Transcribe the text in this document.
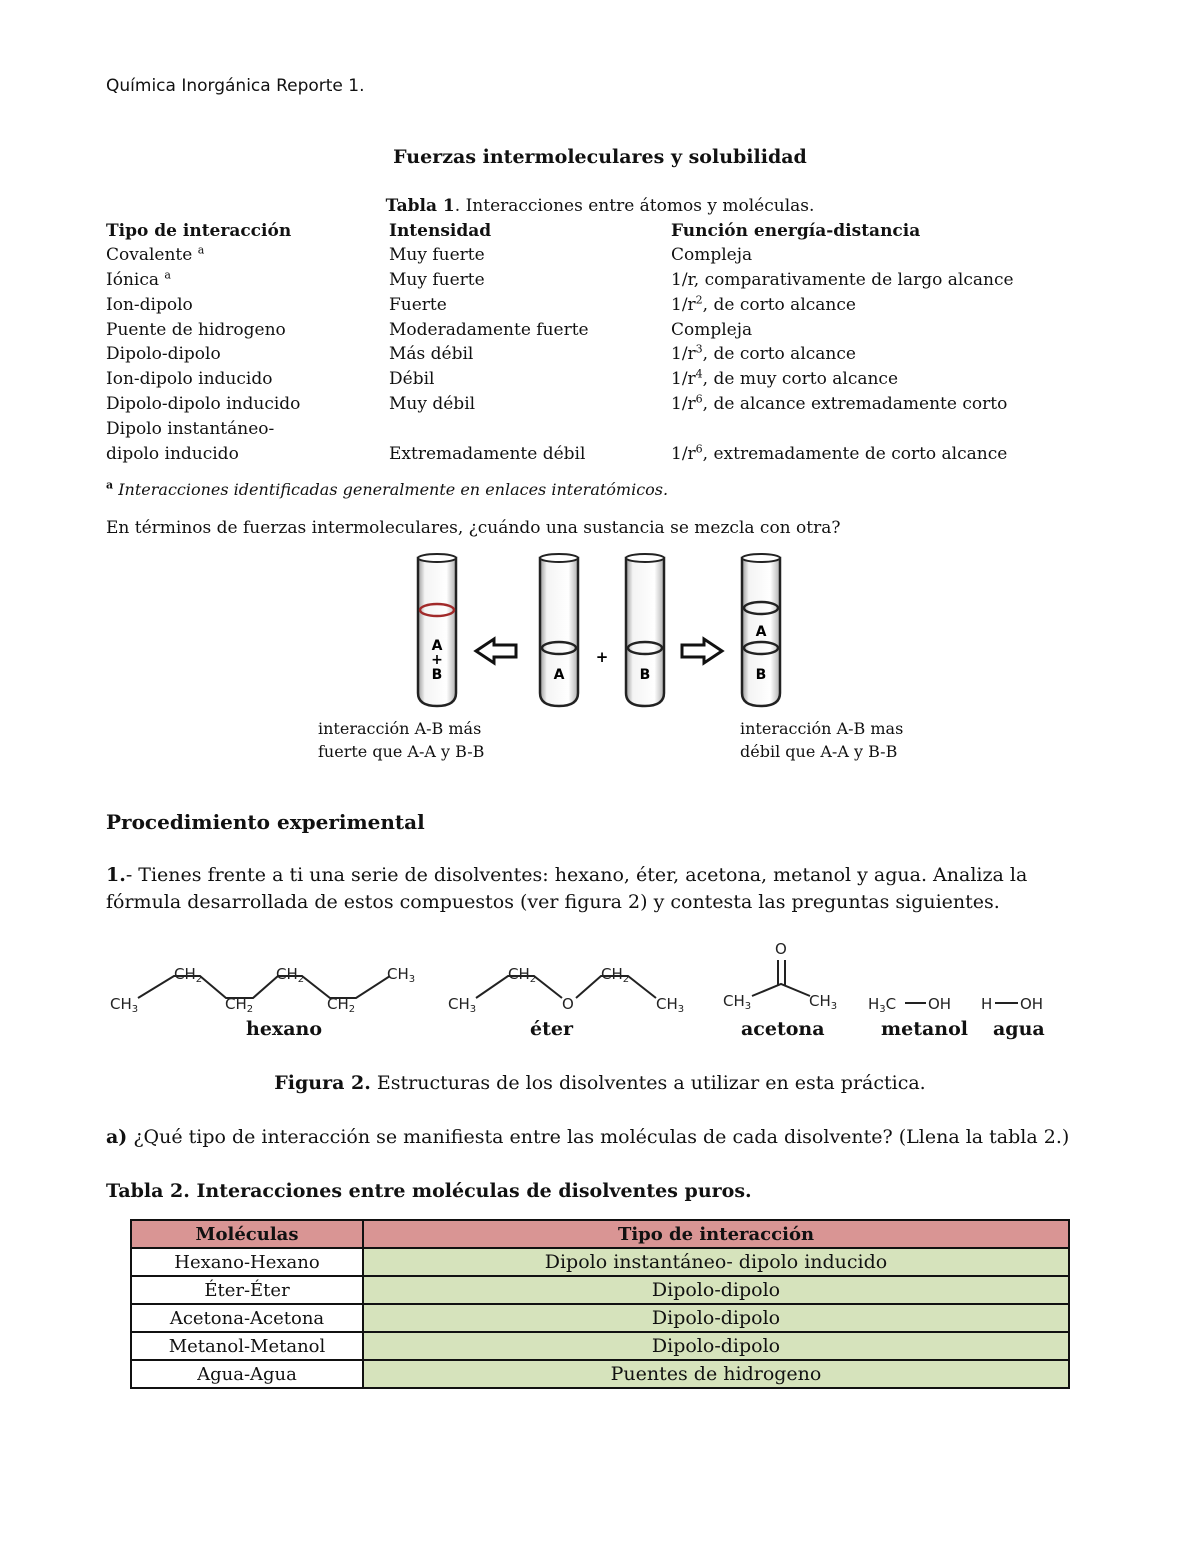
Química Inorgánica Reporte 1.
Fuerzas intermoleculares y solubilidad
Tabla 1. Interacciones entre átomos y moléculas.
Tipo de interacción	Intensidad	Función energía-distancia
Covalente $^a$	Muy fuerte	Compleja
Iónica $^a$	Muy fuerte	1/r, comparativamente de largo alcance
Ion-dipolo	Fuerte	$1/r^2$, de corto alcance
Puente de hidrogeno	Moderadamente fuerte	Compleja
Dipolo-dipolo	Más débil	$1/r^3$, de corto alcance
Ion-dipolo inducido	Débil	$1/r^4$, de muy corto alcance
Dipolo-dipolo inducido	Muy débil	$1/r^6$, de alcance extremadamente corto
Dipolo instantáneo-
dipolo inducido	Extremadamente débil	$1/r^6$, extremadamente de corto alcance
$^a$ Interacciones identificadas generalmente en enlaces interatómicos.
En términos de fuerzas intermoleculares, ¿cuándo una sustancia se mezcla con otra?
A
+
B	A
+
B
A
B
interacción A-B más
fuerte que A-A y B-B
interacción A-B mas
débil que A-A y B-B
Procedimiento experimental
1.- Tienes frente a ti una serie de disolventes: hexano, éter, acetona, metanol y agua. Analiza la fórmula desarrollada de estos compuestos (ver figura 2) y contesta las preguntas siguientes.
$CH_3$
$CH_2$
$CH_2$
$CH_2$
$CH_2$
$CH_3$
$CH_3$
$CH_2$
O
$CH_2$
$CH_3$
O
$CH_3$	$CH_3$ $H_3C$ OH H OH
hexano	éter	acetona	metanol agua
Figura 2. Estructuras de los disolventes a utilizar en esta práctica.
a) ¿Qué tipo de interacción se manifiesta entre las moléculas de cada disolvente? (Llena la tabla 2.)
Tabla 2. Interacciones entre moléculas de disolventes puros.
Moléculas	Tipo de interacción
Hexano-Hexano	Dipolo instantáneo- dipolo inducido
Éter-Éter	Dipolo-dipolo
Acetona-Acetona	Dipolo-dipolo
Metanol-Metanol	Dipolo-dipolo
Agua-Agua	Puentes de hidrogeno
